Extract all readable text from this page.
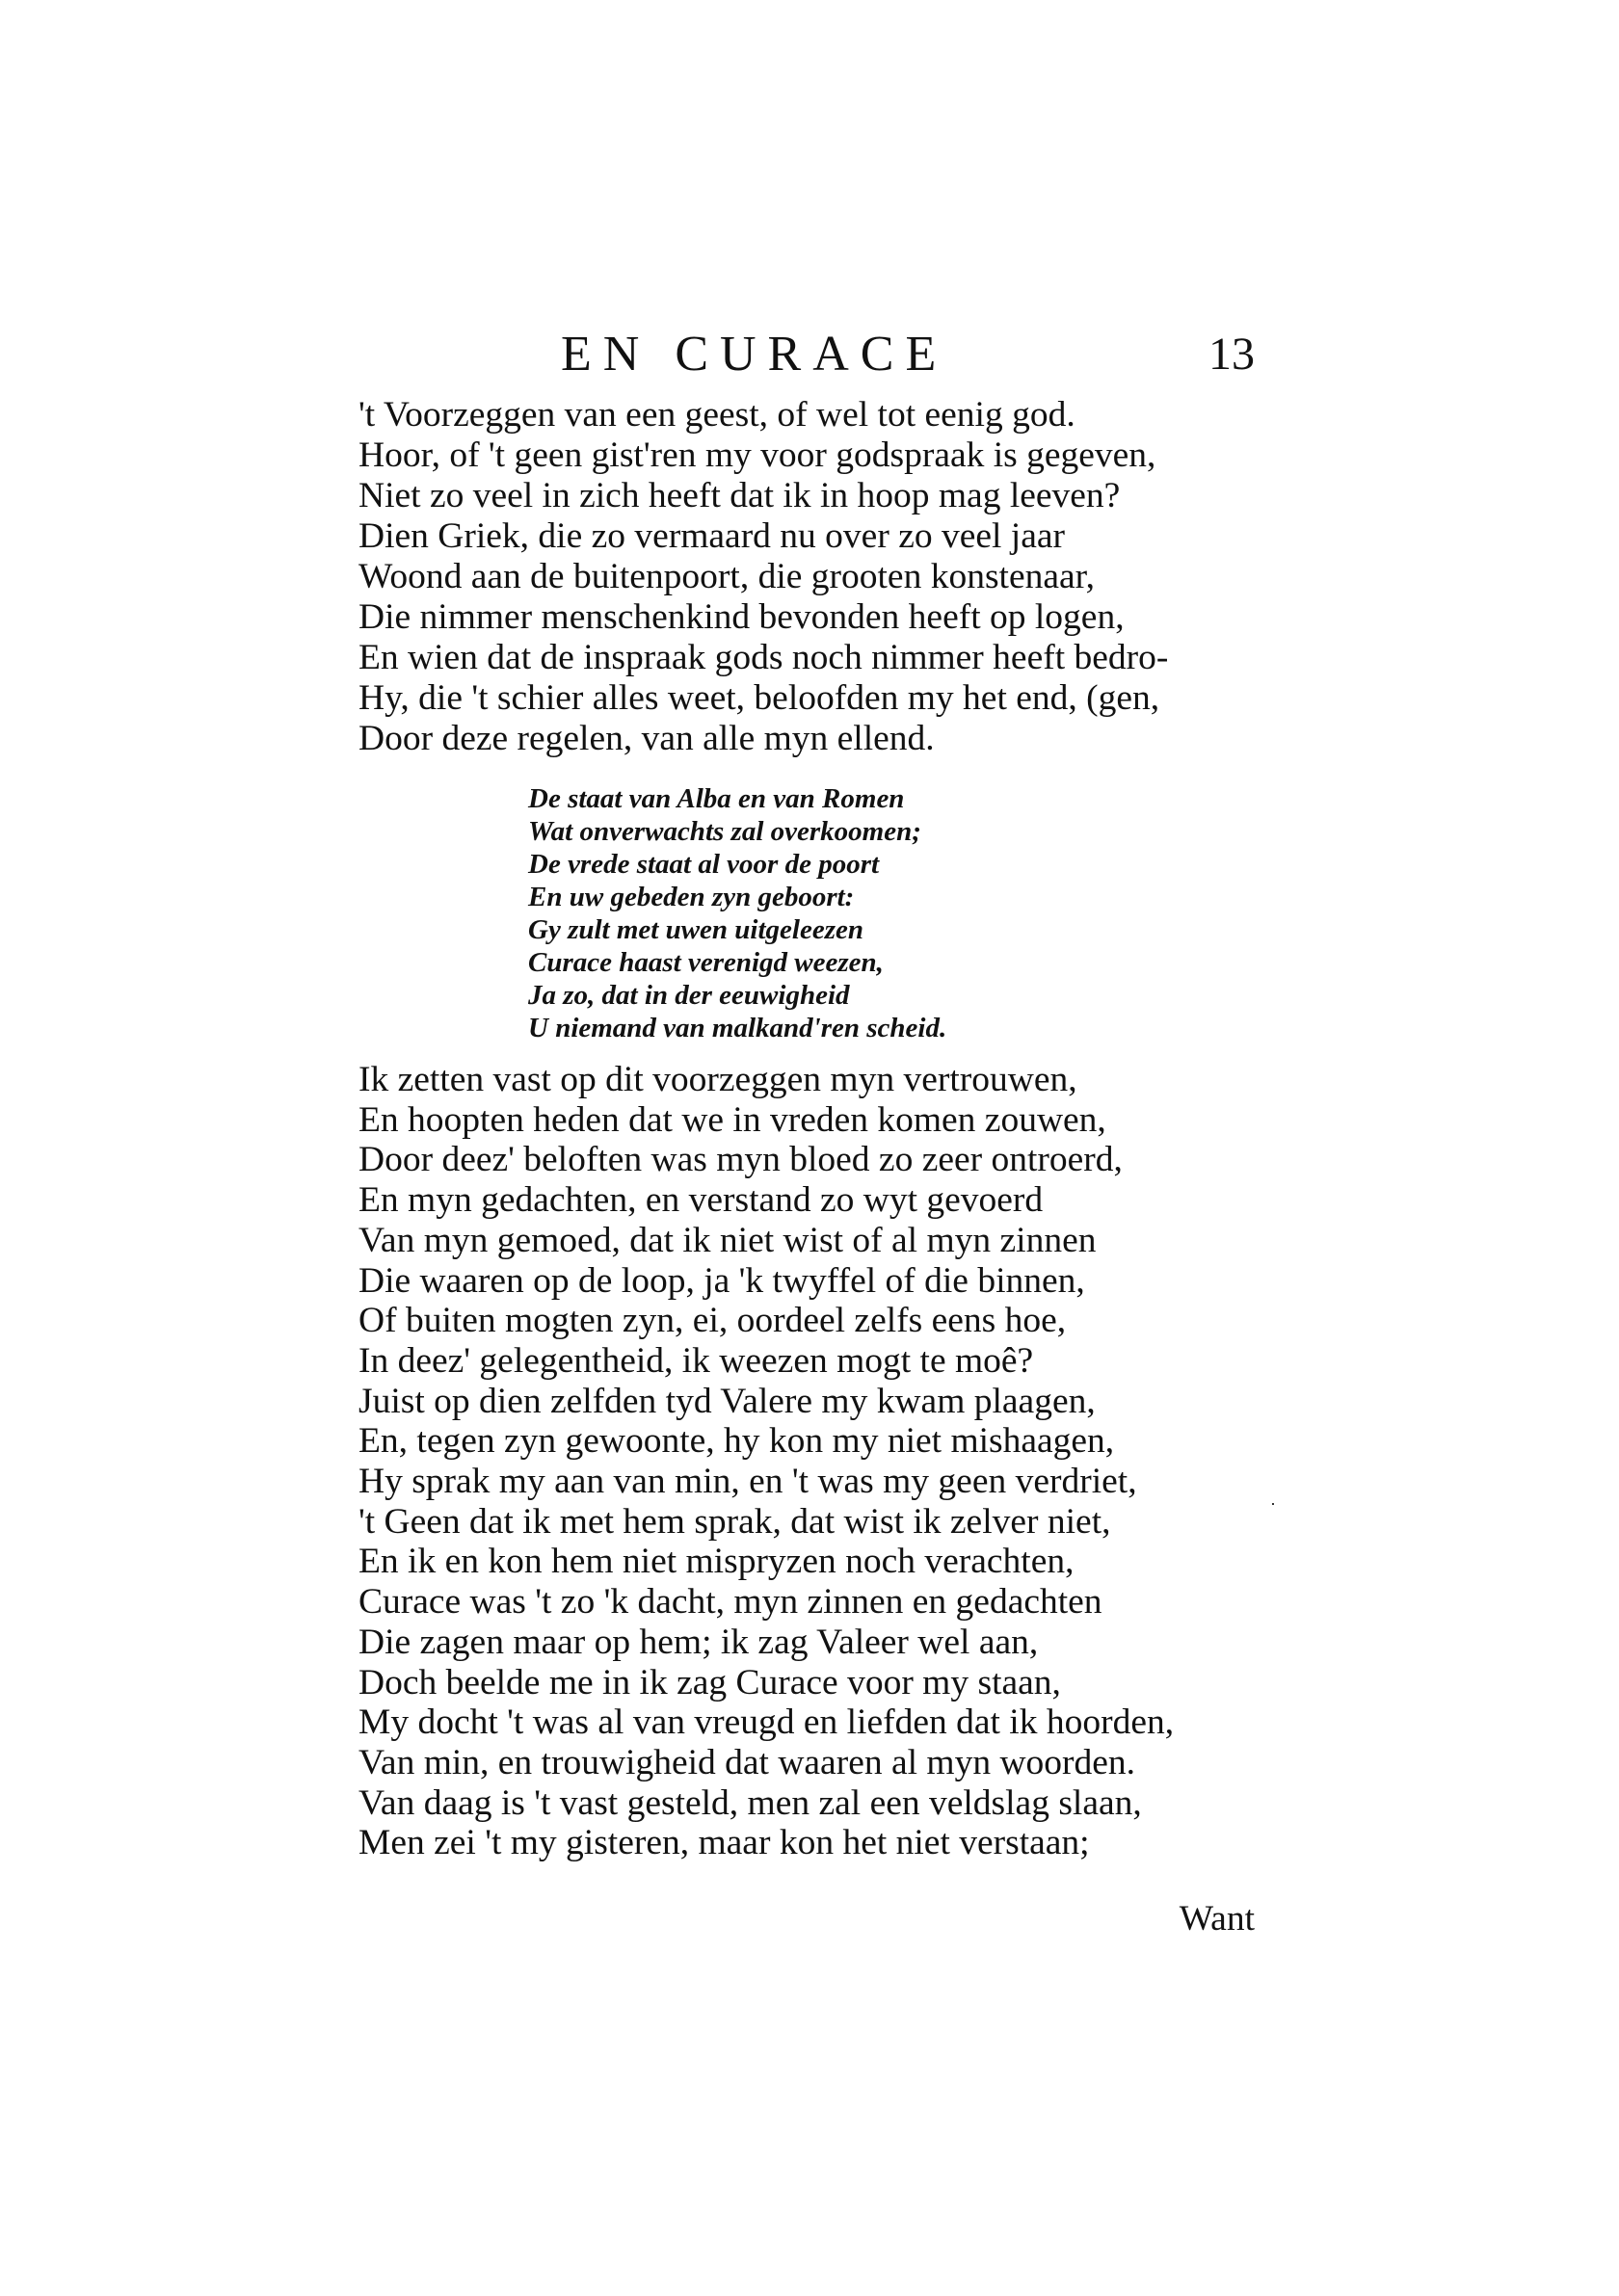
EN CURACE	13
't Voorzeggen van een geest, of wel tot eenig god.
Hoor, of 't geen gist'ren my voor godspraak is gegeven,
Niet zo veel in zich heeft dat ik in hoop mag leeven?
Dien Griek, die zo vermaard nu over zo veel jaar
Woond aan de buitenpoort, die grooten konstenaar,
Die nimmer menschenkind bevonden heeft op logen,
En wien dat de inspraak gods noch nimmer heeft bedro-
Hy, die 't schier alles weet, beloofden my het end, (gen,
Door deze regelen, van alle myn ellend.
De staat van Alba en van Romen
Wat onverwachts zal overkoomen;
De vrede staat al voor de poort
En uw gebeden zyn geboort:
Gy zult met uwen uitgeleezen
Curace haast verenigd weezen,
Ja zo, dat in der eeuwigheid
U niemand van malkand'ren scheid.
Ik zetten vast op dit voorzeggen myn vertrouwen,
En hoopten heden dat we in vreden komen zouwen,
Door deez' beloften was myn bloed zo zeer ontroerd,
En myn gedachten, en verstand zo wyt gevoerd
Van myn gemoed, dat ik niet wist of al myn zinnen
Die waaren op de loop, ja 'k twyffel of die binnen,
Of buiten mogten zyn, ei, oordeel zelfs eens hoe,
In deez' gelegentheid, ik weezen mogt te moê?
Juist op dien zelfden tyd Valere my kwam plaagen,
En, tegen zyn gewoonte, hy kon my niet mishaagen,
Hy sprak my aan van min, en 't was my geen verdriet,
't Geen dat ik met hem sprak, dat wist ik zelver niet,
En ik en kon hem niet mispryzen noch verachten,
Curace was 't zo 'k dacht, myn zinnen en gedachten
Die zagen maar op hem; ik zag Valeer wel aan,
Doch beelde me in ik zag Curace voor my staan,
My docht 't was al van vreugd en liefden dat ik hoorden,
Van min, en trouwigheid dat waaren al myn woorden.
Van daag is 't vast gesteld, men zal een veldslag slaan,
Men zei 't my gisteren, maar kon het niet verstaan;
Want
